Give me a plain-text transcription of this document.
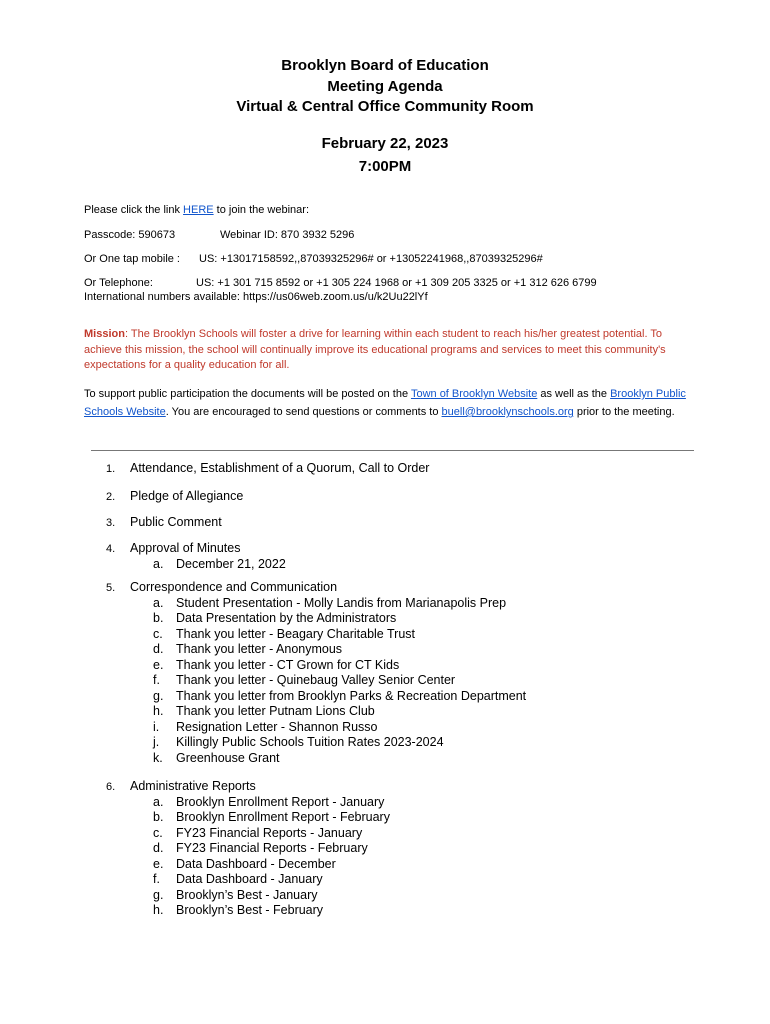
Brooklyn Board of Education
Meeting Agenda
Virtual & Central Office Community Room
February 22, 2023
7:00PM
Please click the link HERE to join the webinar:
Passcode: 590673	Webinar ID: 870 3932 5296
Or One tap mobile : US: +13017158592,,87039325296# or +13052241968,,87039325296#
Or Telephone:	US: +1 301 715 8592 or +1 305 224 1968 or +1 309 205 3325 or +1 312 626 6799
International numbers available: https://us06web.zoom.us/u/k2Uu22lYf
Mission: The Brooklyn Schools will foster a drive for learning within each student to reach his/her greatest potential. To achieve this mission, the school will continually improve its educational programs and services to meet this community's expectations for a quality education for all.
To support public participation the documents will be posted on the Town of Brooklyn Website as well as the Brooklyn Public Schools Website. You are encouraged to send questions or comments to buell@brooklynschools.org prior to the meeting.
1. Attendance, Establishment of a Quorum, Call to Order
2. Pledge of Allegiance
3. Public Comment
4. Approval of Minutes
a. December 21, 2022
5. Correspondence and Communication
a. Student Presentation - Molly Landis from Marianapolis Prep
b. Data Presentation by the Administrators
c. Thank you letter - Beagary Charitable Trust
d. Thank you letter - Anonymous
e. Thank you letter - CT Grown for CT Kids
f. Thank you letter - Quinebaug Valley Senior Center
g. Thank you letter from Brooklyn Parks & Recreation Department
h. Thank you letter Putnam Lions Club
i. Resignation Letter - Shannon Russo
j. Killingly Public Schools Tuition Rates 2023-2024
k. Greenhouse Grant
6. Administrative Reports
a. Brooklyn Enrollment Report - January
b. Brooklyn Enrollment Report - February
c. FY23 Financial Reports - January
d. FY23 Financial Reports - February
e. Data Dashboard - December
f. Data Dashboard - January
g. Brooklyn’s Best - January
h. Brooklyn’s Best - February
